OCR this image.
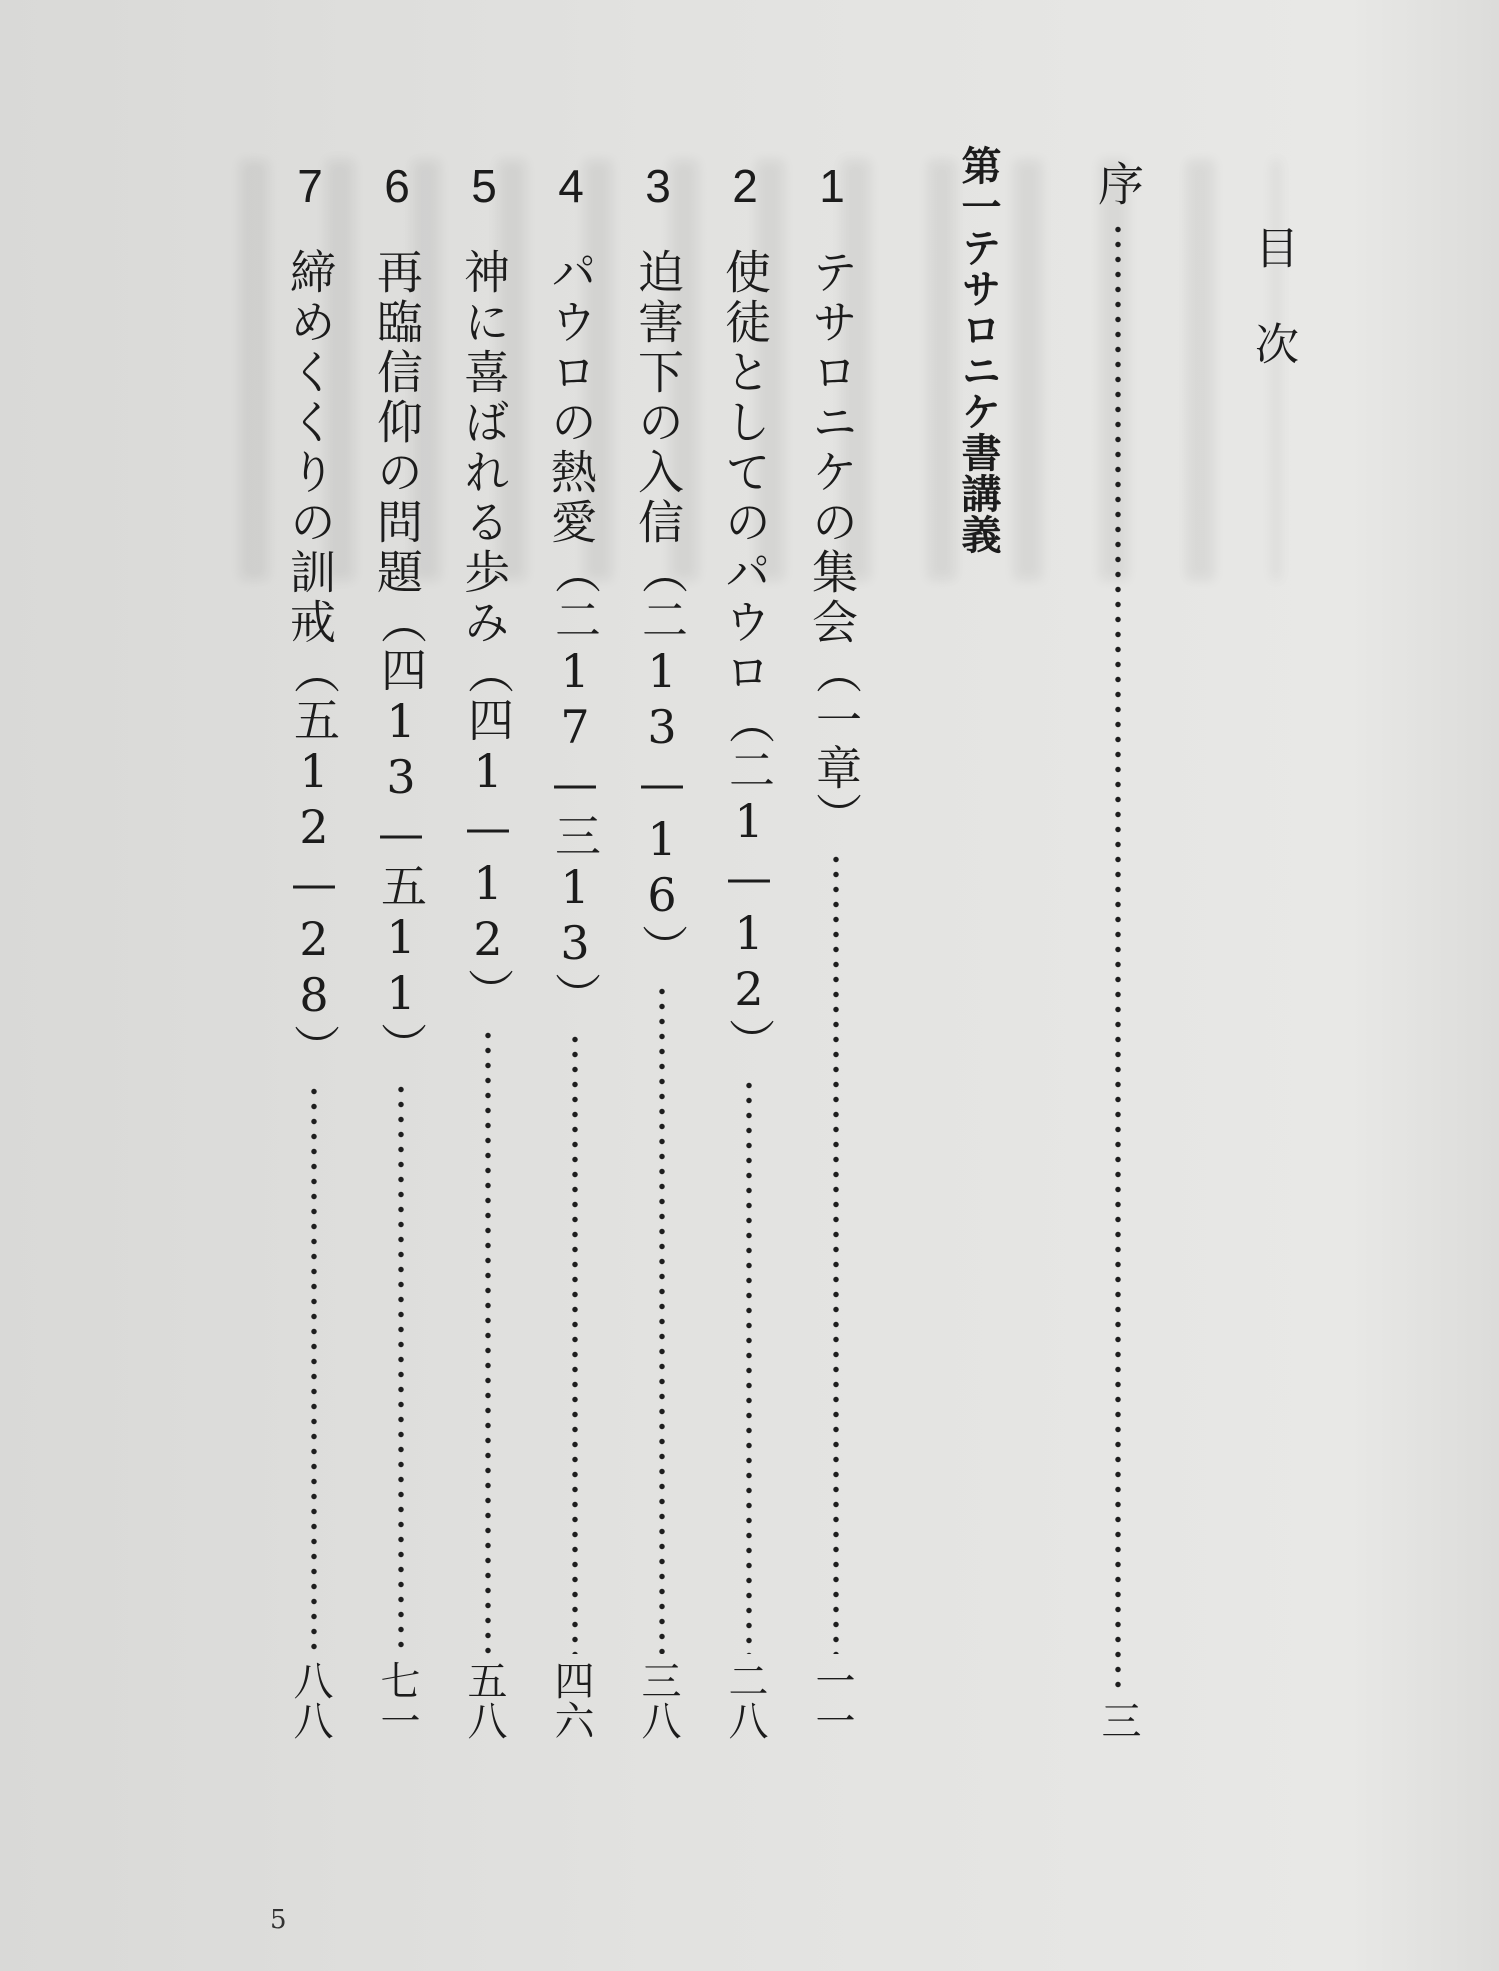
目次
序
三
第一テサロニケ書講義
1
テサロニケの集会
（一章）
一一
2
使徒としてのパウロ
（二1—12）
二八
3
迫害下の入信
（二13—16）
三八
4
パウロの熱愛
（二17—三13）
四六
5
神に喜ばれる歩み
（四1—12）
五八
6
再臨信仰の問題
（四13—五11）
七一
7
締めくくりの訓戒
（五12—28）
八八
5
